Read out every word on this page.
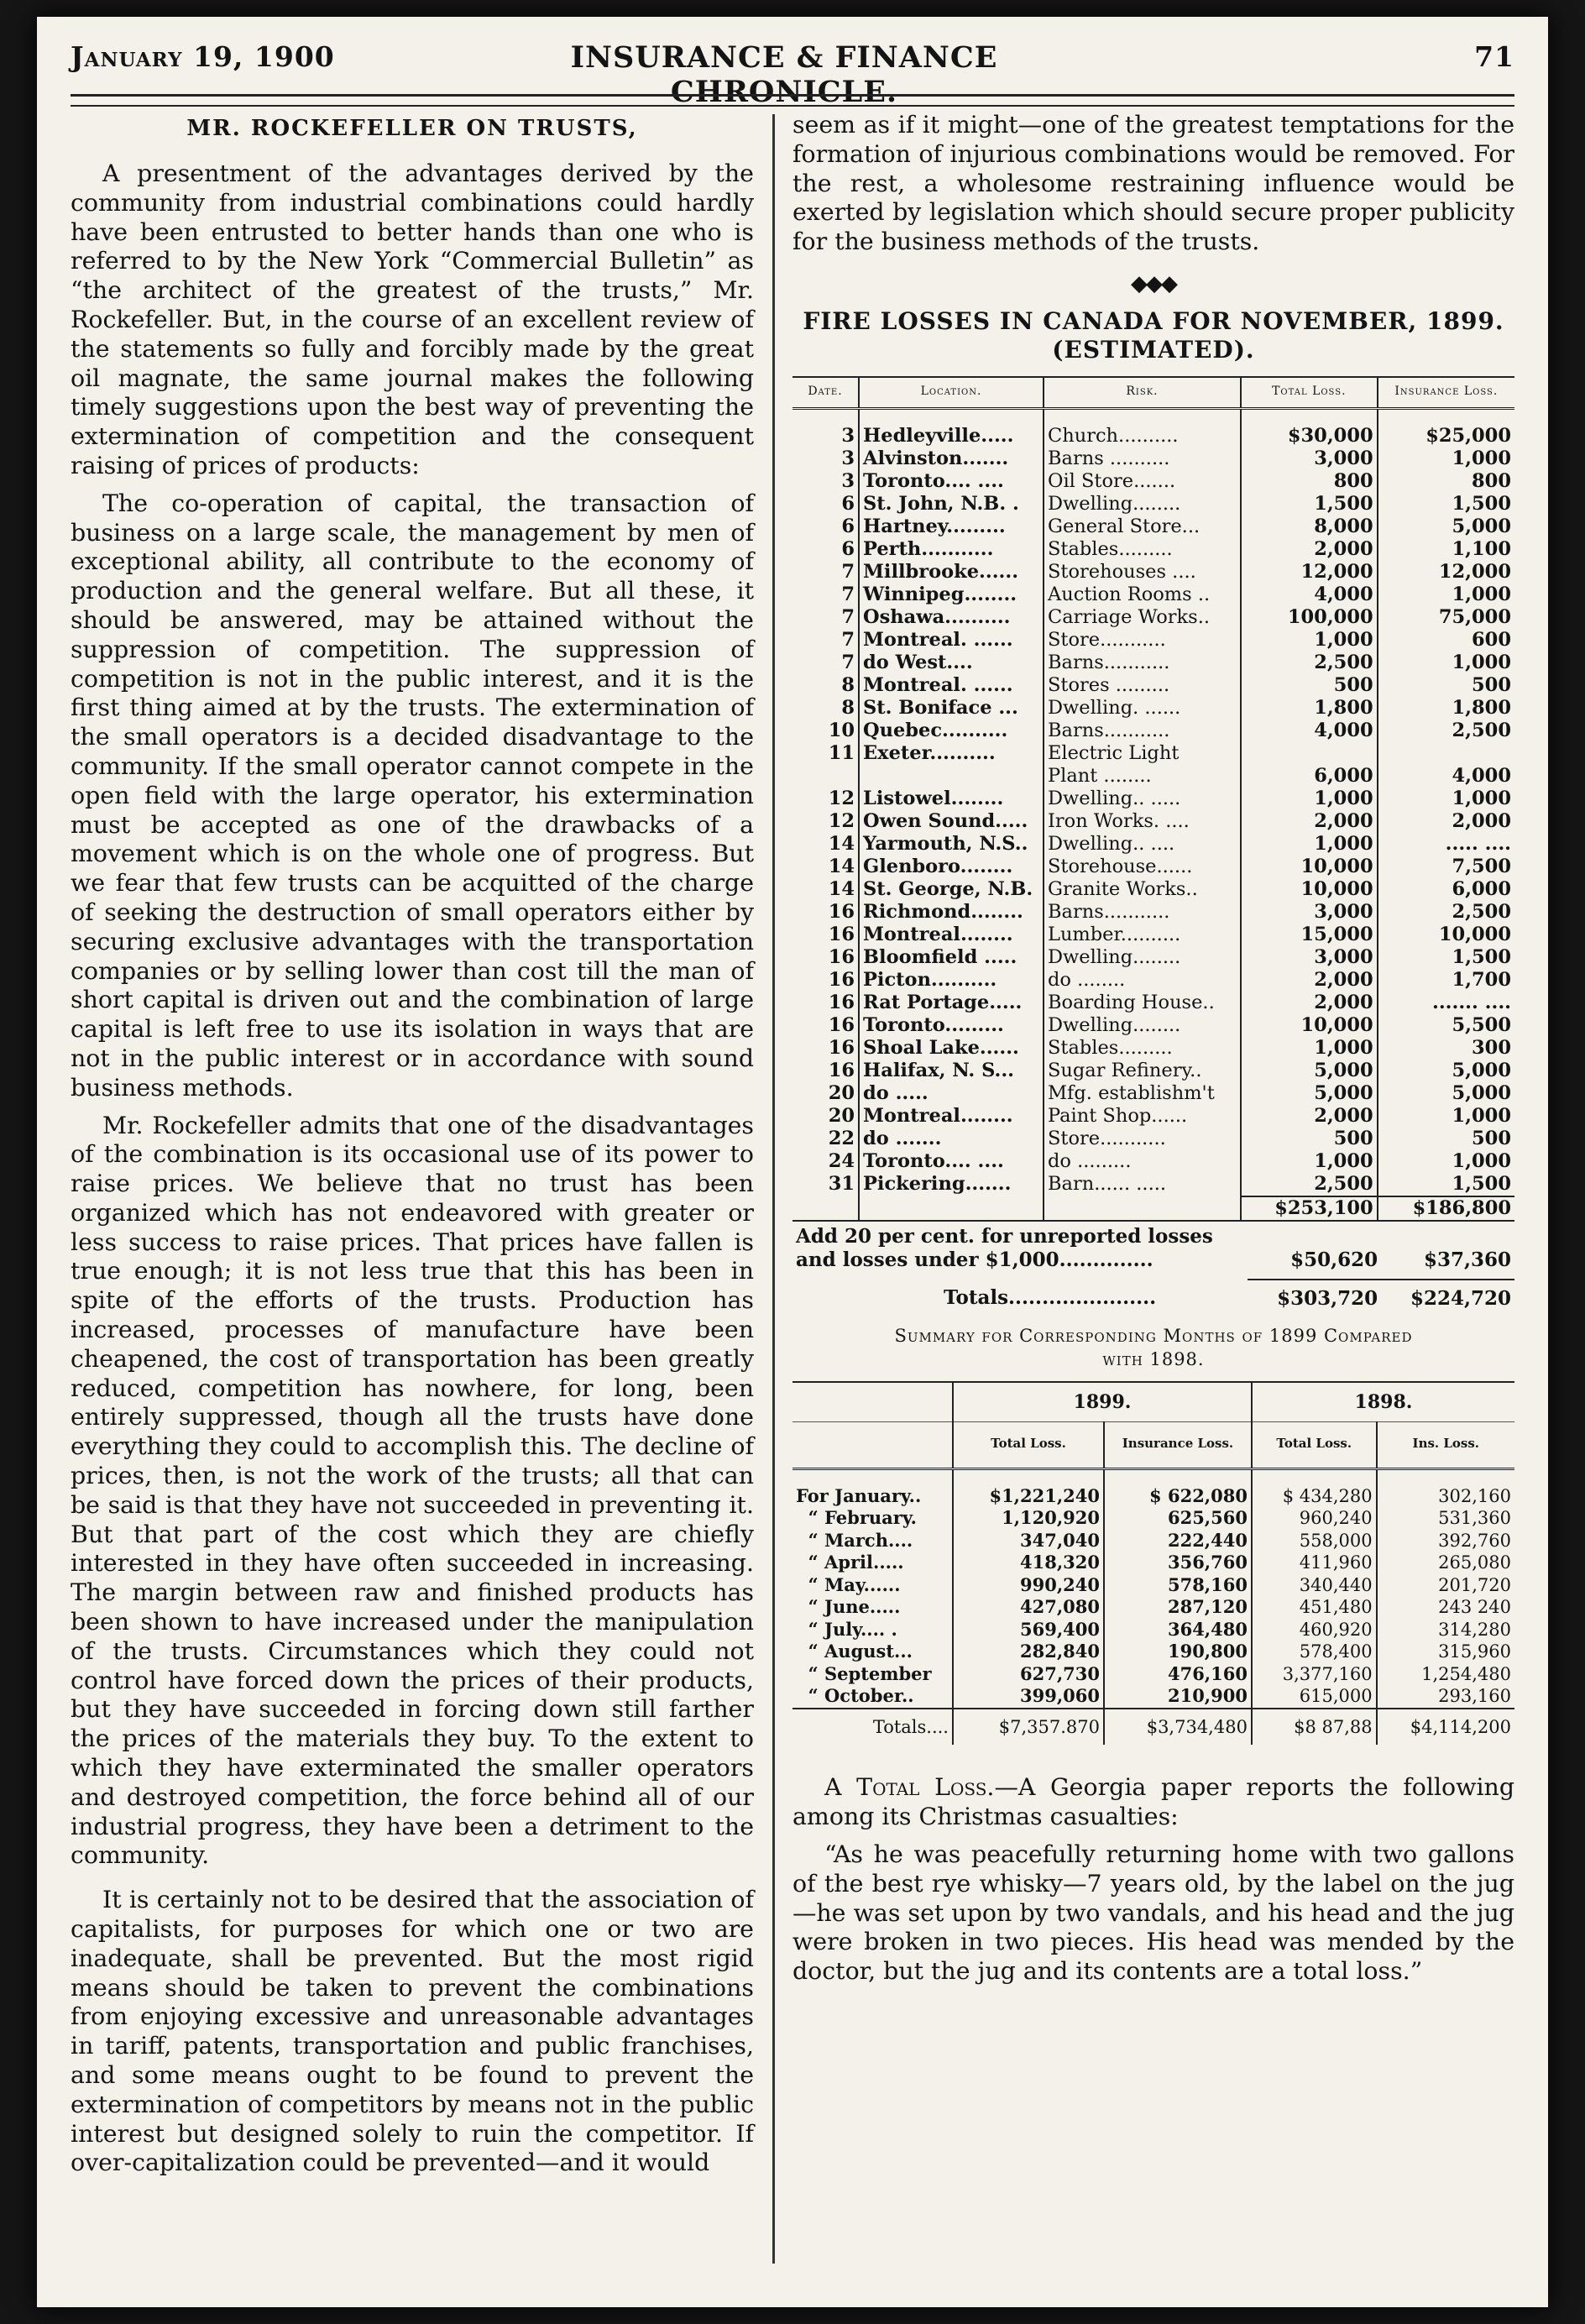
January 19, 1900	INSURANCE & FINANCE CHRONICLE.
71
MR. ROCKEFELLER ON TRUSTS,

A presentment of the advantages derived by the community from industrial combinations could hardly have been entrusted to better hands than one who is referred to by the New York “Commercial Bulletin” as “the architect of the greatest of the trusts,” Mr. Rockefeller. But, in the course of an excellent review of the statements so fully and forcibly made by the great oil magnate, the same journal makes the following timely suggestions upon the best way of preventing the extermination of competition and the consequent raising of prices of products:

The co-operation of capital, the transaction of business on a large scale, the management by men of exceptional ability, all contribute to the economy of production and the general welfare. But all these, it should be answered, may be attained without the suppression of competition. The suppression of competition is not in the public interest, and it is the first thing aimed at by the trusts. The extermination of the small operators is a decided disadvantage to the community. If the small operator cannot compete in the open field with the large operator, his extermination must be accepted as one of the drawbacks of a movement which is on the whole one of progress. But we fear that few trusts can be acquitted of the charge of seeking the destruction of small operators either by securing exclusive advantages with the transportation companies or by selling lower than cost till the man of short capital is driven out and the combination of large capital is left free to use its isolation in ways that are not in the public interest or in accordance with sound business methods.

Mr. Rockefeller admits that one of the disadvantages of the combination is its occasional use of its power to raise prices. We believe that no trust has been organized which has not endeavored with greater or less success to raise prices. That prices have fallen is true enough; it is not less true that this has been in spite of the efforts of the trusts. Production has increased, processes of manufacture have been cheapened, the cost of transportation has been greatly reduced, competition has nowhere, for long, been entirely suppressed, though all the trusts have done everything they could to accomplish this. The decline of prices, then, is not the work of the trusts; all that can be said is that they have not succeeded in preventing it. But that part of the cost which they are chiefly interested in they have often succeeded in increasing. The margin between raw and finished products has been shown to have increased under the manipulation of the trusts. Circumstances which they could not control have forced down the prices of their products, but they have succeeded in forcing down still farther the prices of the materials they buy. To the extent to which they have exterminated the smaller operators and destroyed competition, the force behind all of our industrial progress, they have been a detriment to the community.

It is certainly not to be desired that the association of capitalists, for purposes for which one or two are inadequate, shall be prevented. But the most rigid means should be taken to prevent the combinations from enjoying excessive and unreasonable advantages in tariff, patents, transportation and public franchises, and some means ought to be found to prevent the extermination of competitors by means not in the public interest but designed solely to ruin the competitor. If over-capitalization could be prevented—and it would

seem as if it might—one of the greatest temptations for the formation of injurious combinations would be removed. For the rest, a wholesome restraining influence would be exerted by legislation which should secure proper publicity for the business methods of the trusts.

◆◆◆
FIRE LOSSES IN CANADA FOR NOVEMBER, 1899.
(ESTIMATED).
Date.	Location.	Risk.	Total Loss.	Insurance Loss.
3	Hedleyville.....	Church..........	$30,000	$25,000
3	Alvinston.......	Barns ..........	3,000	1,000
3	Toronto.... ....	Oil Store.......	800	800
6	St. John, N.B. .	Dwelling........	1,500	1,500
6	Hartney.........	General Store...	8,000	5,000
6	Perth...........	Stables.........	2,000	1,100
7	Millbrooke......	Storehouses ....	12,000	12,000
7	Winnipeg........	Auction Rooms ..	4,000	1,000
7	Oshawa..........	Carriage Works..	100,000	75,000
7	Montreal. ......	Store...........	1,000	600
7	do West....	Barns...........	2,500	1,000
8	Montreal. ......	Stores .........	500	500
8	St. Boniface ...	Dwelling. ......	1,800	1,800
10	Quebec..........	Barns...........	4,000	2,500
11	Exeter..........	Electric Light		
		Plant ........	6,000	4,000
12	Listowel........	Dwelling.. .....	1,000	1,000
12	Owen Sound.....	Iron Works. ....	2,000	2,000
14	Yarmouth, N.S..	Dwelling.. ....	1,000	..... ....
14	Glenboro........	Storehouse......	10,000	7,500
14	St. George, N.B.	Granite Works..	10,000	6,000
16	Richmond........	Barns...........	3,000	2,500
16	Montreal........	Lumber..........	15,000	10,000
16	Bloomfield .....	Dwelling........	3,000	1,500
16	Picton..........	do ........	2,000	1,700
16	Rat Portage.....	Boarding House..	2,000	....... ....
16	Toronto.........	Dwelling........	10,000	5,500
16	Shoal Lake......	Stables.........	1,000	300
16	Halifax, N. S...	Sugar Refinery..	5,000	5,000
20	do .....	Mfg. establishm't	5,000	5,000
20	Montreal........	Paint Shop......	2,000	1,000
22	do .......	Store...........	500	500
24	Toronto.... ....	do .........	1,000	1,000
31	Pickering.......	Barn...... .....	2,500	1,500
			$253,100	$186,800
Add 20 per cent. for unreported losses		
and losses under $1,000..............	$50,620	$37,360

Totals......................	$303,720	$224,720
Summary for Corresponding Months of 1899 Compared
with 1898.
	1899.		1898.	
	Total Loss.	Insurance Loss.	Total Loss.	Ins. Loss.
For January..	$1,221,240	$ 622,080	$ 434,280	302,160
“ February.	1,120,920	625,560	960,240	531,360
“ March....	347,040	222,440	558,000	392,760
“ April.....	418,320	356,760	411,960	265,080
“ May......	990,240	578,160	340,440	201,720
“ June.....	427,080	287,120	451,480	243 240
“ July.... .	569,400	364,480	460,920	314,280
“ August...	282,840	190,800	578,400	315,960
“ September	627,730	476,160	3,377,160	1,254,480
“ October..	399,060	210,900	615,000	293,160
Totals....	$7,357.870	$3,734,480	$8 87,88	$4,114,200

A Total Loss.—A Georgia paper reports the following among its Christmas casualties:

“As he was peacefully returning home with two gallons of the best rye whisky—7 years old, by the label on the jug—he was set upon by two vandals, and his head and the jug were broken in two pieces. His head was mended by the doctor, but the jug and its contents are a total loss.”
